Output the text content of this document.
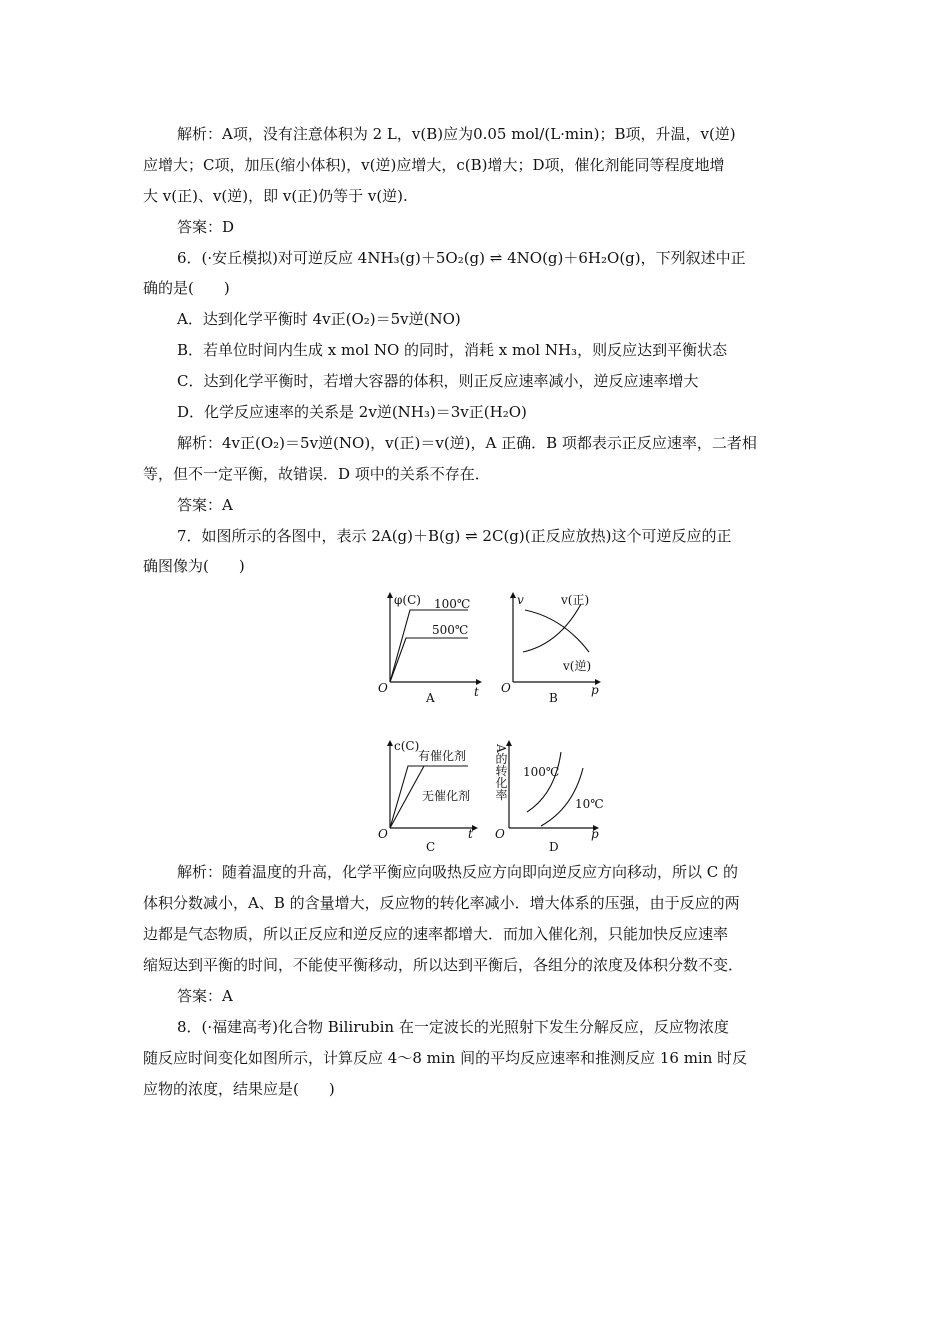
解析：A项，没有注意体积为 2 L，v(B)应为0.05 mol/(L·min)；B项，升温，v(逆)
应增大；C项，加压(缩小体积)，v(逆)应增大，c(B)增大；D项，催化剂能同等程度地增
大 v(正)、v(逆)，即 v(正)仍等于 v(逆).
答案：D
6．(·安丘模拟)对可逆反应 4NH₃(g)＋5O₂(g) ⇌ 4NO(g)＋6H₂O(g)，下列叙述中正
确的是(　　)
A．达到化学平衡时 4v正(O₂)＝5v逆(NO)
B．若单位时间内生成 x mol NO 的同时，消耗 x mol NH₃，则反应达到平衡状态
C．达到化学平衡时，若增大容器的体积，则正反应速率减小，逆反应速率增大
D．化学反应速率的关系是 2v逆(NH₃)＝3v正(H₂O)
解析：4v正(O₂)＝5v逆(NO)，v(正)＝v(逆)，A 正确．B 项都表示正反应速率，二者相
等，但不一定平衡，故错误．D 项中的关系不存在．
答案：A
7．如图所示的各图中，表示 2A(g)＋B(g) ⇌ 2C(g)(正反应放热)这个可逆反应的正
确图像为(　　)
φ(C)
t
O
100℃
500℃
A
v
p
O
v(正)
v(逆)
B
c(C)
t
O
有催化剂
无催化剂
C
A的转化率
p
O
100℃
10℃
D
解析：随着温度的升高，化学平衡应向吸热反应方向即向逆反应方向移动，所以 C 的
体积分数减小，A、B 的含量增大，反应物的转化率减小．增大体系的压强，由于反应的两
边都是气态物质，所以正反应和逆反应的速率都增大．而加入催化剂，只能加快反应速率
缩短达到平衡的时间，不能使平衡移动，所以达到平衡后，各组分的浓度及体积分数不变．
答案：A
8．(·福建高考)化合物 Bilirubin 在一定波长的光照射下发生分解反应，反应物浓度
随反应时间变化如图所示，计算反应 4～8 min 间的平均反应速率和推测反应 16 min 时反
应物的浓度，结果应是(　　)
